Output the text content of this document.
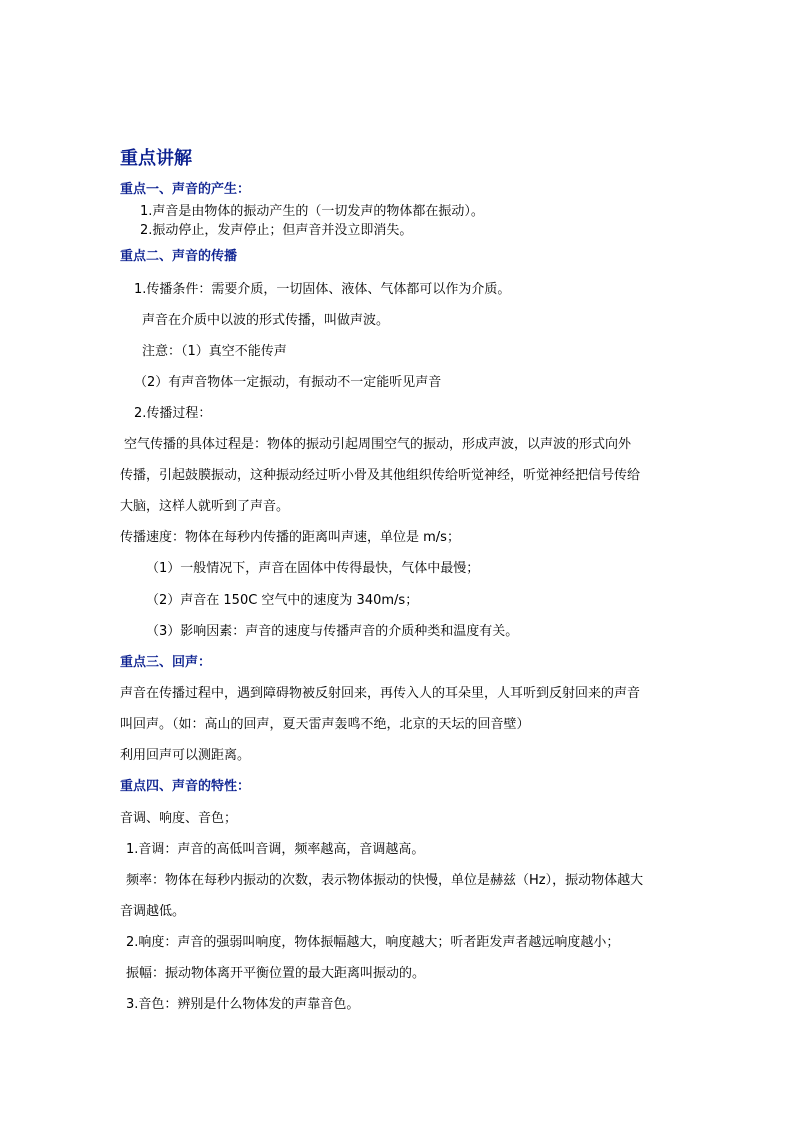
重点讲解
重点一、声音的产生：
1.声音是由物体的振动产生的（一切发声的物体都在振动）。
2.振动停止，发声停止；但声音并没立即消失。
重点二、声音的传播
1.传播条件：需要介质，一切固体、液体、气体都可以作为介质。
声音在介质中以波的形式传播，叫做声波。
注意：（1）真空不能传声
（2）有声音物体一定振动，有振动不一定能听见声音
2.传播过程：
空气传播的具体过程是：物体的振动引起周围空气的振动，形成声波，以声波的形式向外
传播，引起鼓膜振动，这种振动经过听小骨及其他组织传给听觉神经，听觉神经把信号传给
大脑，这样人就听到了声音。
传播速度：物体在每秒内传播的距离叫声速，单位是 m/s；
（1）一般情况下，声音在固体中传得最快，气体中最慢；
（2）声音在 150C 空气中的速度为 340m/s；
（3）影响因素：声音的速度与传播声音的介质种类和温度有关。
重点三、回声：
声音在传播过程中，遇到障碍物被反射回来，再传入人的耳朵里，人耳听到反射回来的声音
叫回声。（如：高山的回声，夏天雷声轰鸣不绝，北京的天坛的回音壁）
利用回声可以测距离。
重点四、声音的特性：
音调、响度、音色；
1.音调：声音的高低叫音调，频率越高，音调越高。
频率：物体在每秒内振动的次数，表示物体振动的快慢，单位是赫兹（Hz），振动物体越大
音调越低。
2.响度：声音的强弱叫响度，物体振幅越大，响度越大；听者距发声者越远响度越小；
振幅：振动物体离开平衡位置的最大距离叫振动的。
3.音色：辨别是什么物体发的声靠音色。
